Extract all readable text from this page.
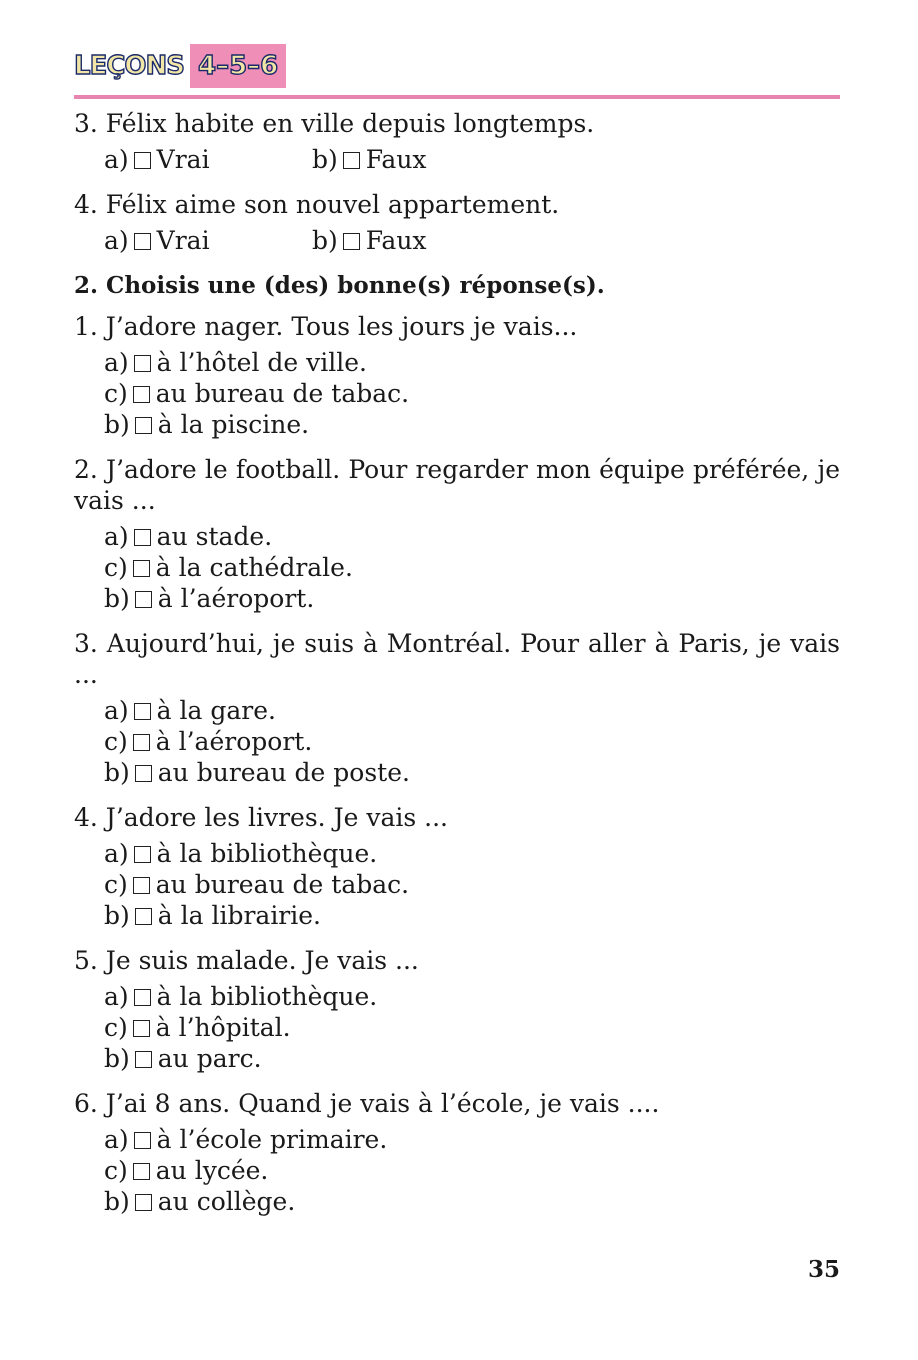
LEÇONS 4–5–6

3. Félix habite en ville depuis longtemps.

a) Vrai	b) Faux

4. Félix aime son nouvel appartement.

a) Vrai	b) Faux
2. Choisis une (des) bonne(s) réponse(s).

1. J’adore nager. Tous les jours je vais...

a) à l’hôtel de ville.
c) au bureau de tabac.
b) à la piscine.

2. J’adore le football. Pour regarder mon équipe préférée, je vais ...

a) au stade.
c) à la cathédrale.
b) à l’aéroport.

3. Aujourd’hui, je suis à Montréal. Pour aller à Paris, je vais ...

a) à la gare.
c) à l’aéroport.
b) au bureau de poste.

4. J’adore les livres. Je vais ...

a) à la bibliothèque.
c) au bureau de tabac.
b) à la librairie.

5. Je suis malade. Je vais ...

a) à la bibliothèque.
c) à l’hôpital.
b) au parc.

6. J’ai 8 ans. Quand je vais à l’école, je vais ....

a) à l’école primaire.
c) au lycée.
b) au collège.
35
